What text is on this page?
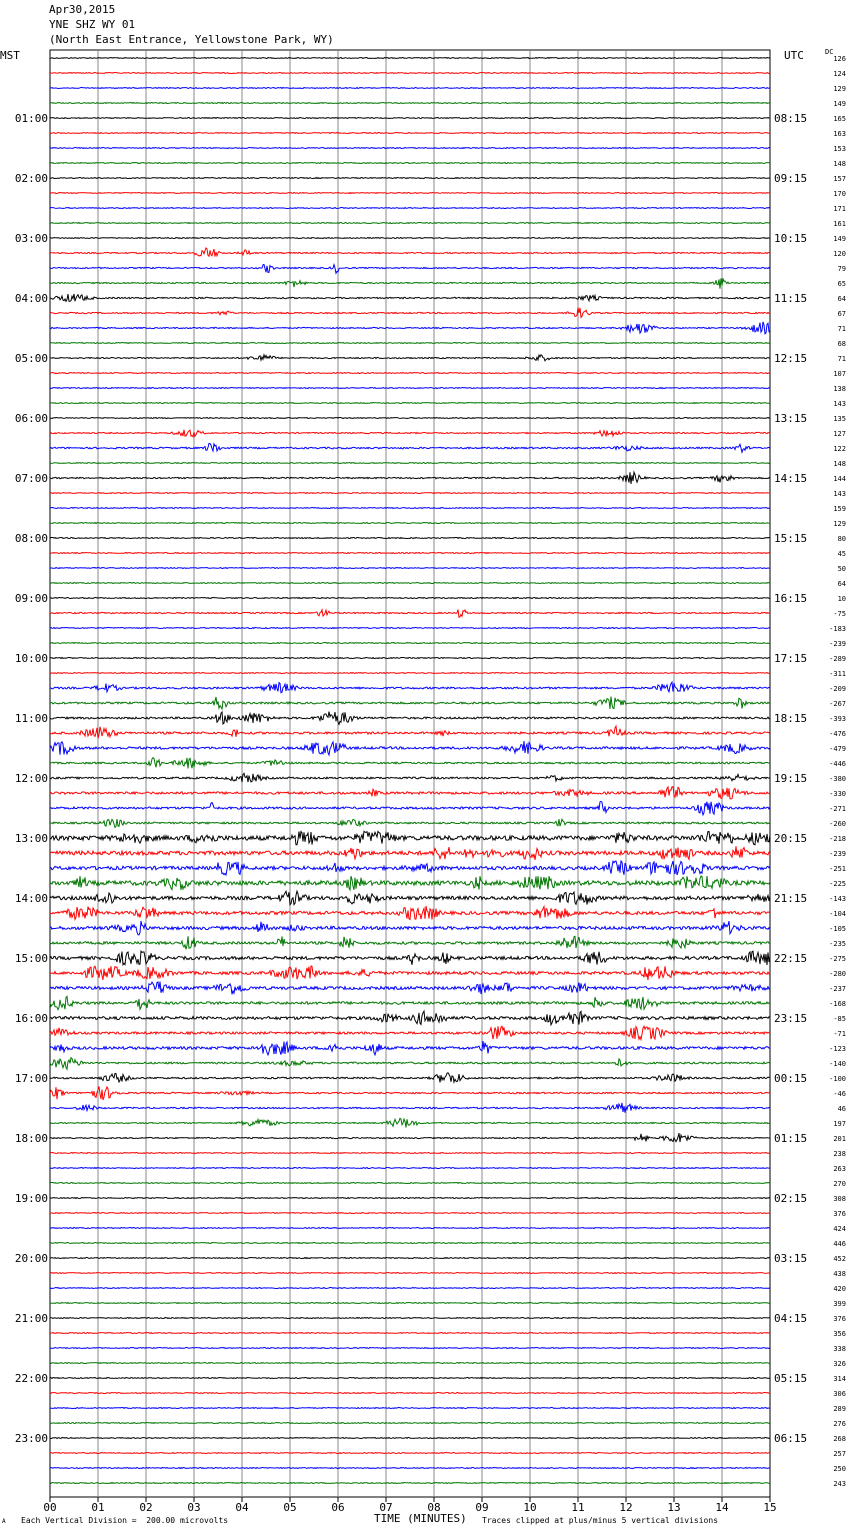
Apr30,2015
YNE SHZ WY 01
(North East Entrance, Yellowstone Park, WY)
MST	UTC	DC
00	01	02	03	04	05	06	07	08	09	10	11	12	13	14	15
126
124
129
149
165
163
153
148
157
170
171
161
149
120
79
65
64
67
71
68
71
107
138
143
135
127
122
148
144
143
159
129
80
45
50
64
10
-75
-183
-239
-289
-311
-209
-267
-393
-476
-479
-446
-380
-330
-271
-260
-218
-239
-251
-225
-143
-104
-105
-235
-275
-280
-237
-168
-85
-71
-123
-140
-100
-46
46
197
201
238
263
270
308
376
424
446
452
438
420
399
376
356
338
326
314
306
289
276
268
257
250
243
01:00
02:00
03:00
04:00
05:00
06:00
07:00
08:00
09:00
10:00
11:00
12:00
13:00
14:00
15:00
16:00
17:00
18:00
19:00
20:00
21:00
22:00
23:00
08:15
09:15
10:15
11:15
12:15
13:15
14:15
15:15
16:15
17:15
18:15
19:15
20:15
21:15
22:15
23:15
00:15
01:15
02:15
03:15
04:15
05:15
06:15
A Each Vertical Division =  200.00 microvolts	TIME (MINUTES) Traces clipped at plus/minus 5 vertical divisions
